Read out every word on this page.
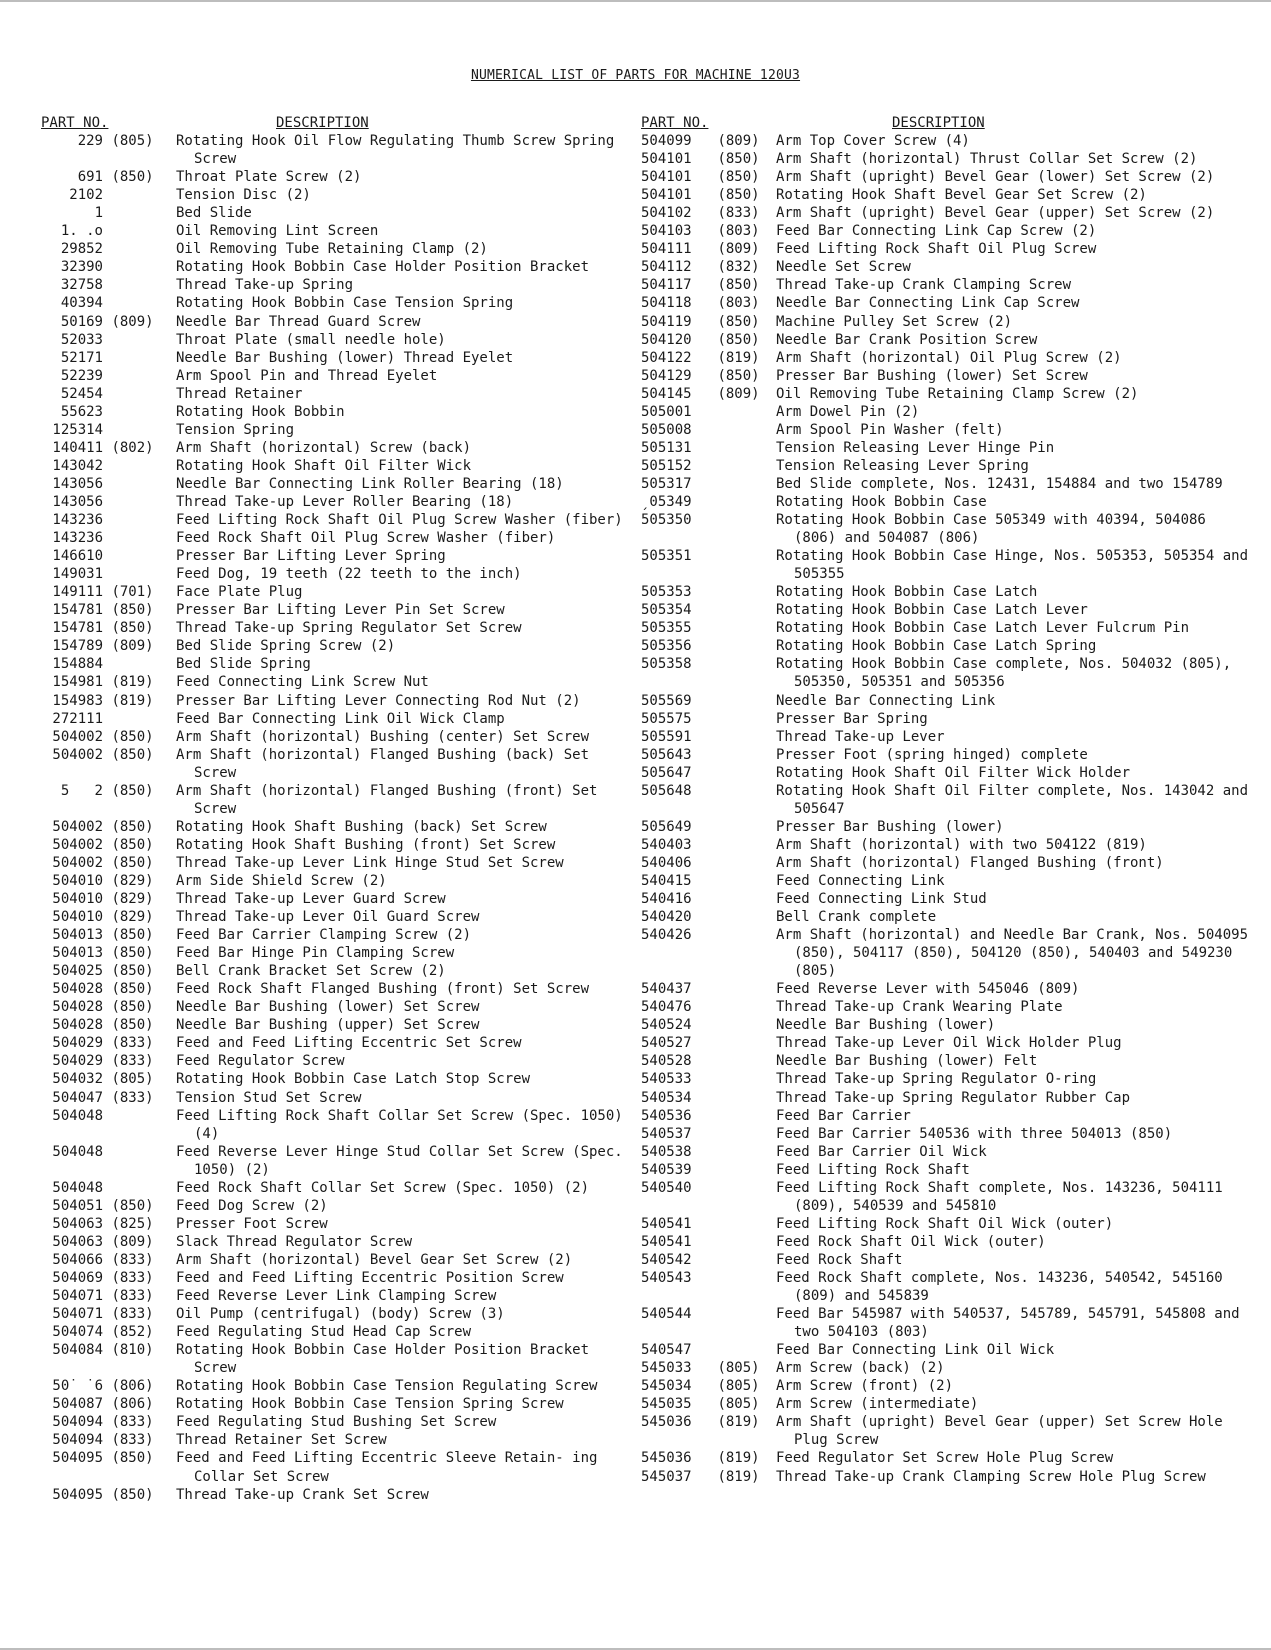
NUMERICAL LIST OF PARTS FOR MACHINE 120U3
PART NO.	DESCRIPTION
229 (805)	Rotating Hook Oil Flow Regulating Thumb Screw Spring Screw
691 (850)	Throat Plate Screw (2)
2102	Tension Disc (2)
1	Bed Slide
1. .o	Oil Removing Lint Screen
29852	Oil Removing Tube Retaining Clamp (2)
32390	Rotating Hook Bobbin Case Holder Position Bracket
32758	Thread Take-up Spring
40394	Rotating Hook Bobbin Case Tension Spring
50169 (809)	Needle Bar Thread Guard Screw
52033	Throat Plate (small needle hole)
52171	Needle Bar Bushing (lower) Thread Eyelet
52239	Arm Spool Pin and Thread Eyelet
52454	Thread Retainer
55623	Rotating Hook Bobbin
125314	Tension Spring
140411 (802)	Arm Shaft (horizontal) Screw (back)
143042	Rotating Hook Shaft Oil Filter Wick
143056	Needle Bar Connecting Link Roller Bearing (18)
143056	Thread Take-up Lever Roller Bearing (18)
143236	Feed Lifting Rock Shaft Oil Plug Screw Washer (fiber)
143236	Feed Rock Shaft Oil Plug Screw Washer (fiber)
146610	Presser Bar Lifting Lever Spring
149031	Feed Dog, 19 teeth (22 teeth to the inch)
149111 (701)	Face Plate Plug
154781 (850)	Presser Bar Lifting Lever Pin Set Screw
154781 (850)	Thread Take-up Spring Regulator Set Screw
154789 (809)	Bed Slide Spring Screw (2)
154884	Bed Slide Spring
154981 (819)	Feed Connecting Link Screw Nut
154983 (819)	Presser Bar Lifting Lever Connecting Rod Nut (2)
272111	Feed Bar Connecting Link Oil Wick Clamp
504002 (850)	Arm Shaft (horizontal) Bushing (center) Set Screw
504002 (850)	Arm Shaft (horizontal) Flanged Bushing (back) Set Screw
5   2 (850)	Arm Shaft (horizontal) Flanged Bushing (front) Set Screw
504002 (850)	Rotating Hook Shaft Bushing (back) Set Screw
504002 (850)	Rotating Hook Shaft Bushing (front) Set Screw
504002 (850)	Thread Take-up Lever Link Hinge Stud Set Screw
504010 (829)	Arm Side Shield Screw (2)
504010 (829)	Thread Take-up Lever Guard Screw
504010 (829)	Thread Take-up Lever Oil Guard Screw
504013 (850)	Feed Bar Carrier Clamping Screw (2)
504013 (850)	Feed Bar Hinge Pin Clamping Screw
504025 (850)	Bell Crank Bracket Set Screw (2)
504028 (850)	Feed Rock Shaft Flanged Bushing (front) Set Screw
504028 (850)	Needle Bar Bushing (lower) Set Screw
504028 (850)	Needle Bar Bushing (upper) Set Screw
504029 (833)	Feed and Feed Lifting Eccentric Set Screw
504029 (833)	Feed Regulator Screw
504032 (805)	Rotating Hook Bobbin Case Latch Stop Screw
504047 (833)	Tension Stud Set Screw
504048	Feed Lifting Rock Shaft Collar Set Screw (Spec. 1050) (4)
504048	Feed Reverse Lever Hinge Stud Collar Set Screw (Spec. 1050) (2)
504048	Feed Rock Shaft Collar Set Screw (Spec. 1050) (2)
504051 (850)	Feed Dog Screw (2)
504063 (825)	Presser Foot Screw
504063 (809)	Slack Thread Regulator Screw
504066 (833)	Arm Shaft (horizontal) Bevel Gear Set Screw (2)
504069 (833)	Feed and Feed Lifting Eccentric Position Screw
504071 (833)	Feed Reverse Lever Link Clamping Screw
504071 (833)	Oil Pump (centrifugal) (body) Screw (3)
504074 (852)	Feed Regulating Stud Head Cap Screw
504084 (810)	Rotating Hook Bobbin Case Holder Position Bracket Screw
50˙ ˙6 (806)	Rotating Hook Bobbin Case Tension Regulating Screw
504087 (806)	Rotating Hook Bobbin Case Tension Spring Screw
504094 (833)	Feed Regulating Stud Bushing Set Screw
504094 (833)	Thread Retainer Set Screw
504095 (850)	Feed and Feed Lifting Eccentric Sleeve Retain- ing Collar Set Screw
504095 (850)	Thread Take-up Crank Set Screw
PART NO.	DESCRIPTION
504099 (809)	Arm Top Cover Screw (4)
504101 (850)	Arm Shaft (horizontal) Thrust Collar Set Screw (2)
504101 (850)	Arm Shaft (upright) Bevel Gear (lower) Set Screw (2)
504101 (850)	Rotating Hook Shaft Bevel Gear Set Screw (2)
504102 (833)	Arm Shaft (upright) Bevel Gear (upper) Set Screw (2)
504103 (803)	Feed Bar Connecting Link Cap Screw (2)
504111 (809)	Feed Lifting Rock Shaft Oil Plug Screw
504112 (832)	Needle Set Screw
504117 (850)	Thread Take-up Crank Clamping Screw
504118 (803)	Needle Bar Connecting Link Cap Screw
504119 (850)	Machine Pulley Set Screw (2)
504120 (850)	Needle Bar Crank Position Screw
504122 (819)	Arm Shaft (horizontal) Oil Plug Screw (2)
504129 (850)	Presser Bar Bushing (lower) Set Screw
504145 (809)	Oil Removing Tube Retaining Clamp Screw (2)
505001	Arm Dowel Pin (2)
505008	Arm Spool Pin Washer (felt)
505131	Tension Releasing Lever Hinge Pin
505152	Tension Releasing Lever Spring
505317	Bed Slide complete, Nos. 12431, 154884 and two 154789
ˏ05349	Rotating Hook Bobbin Case
505350	Rotating Hook Bobbin Case 505349 with 40394, 504086 (806) and 504087 (806)
505351	Rotating Hook Bobbin Case Hinge, Nos. 505353, 505354 and 505355
505353	Rotating Hook Bobbin Case Latch
505354	Rotating Hook Bobbin Case Latch Lever
505355	Rotating Hook Bobbin Case Latch Lever Fulcrum Pin
505356	Rotating Hook Bobbin Case Latch Spring
505358	Rotating Hook Bobbin Case complete, Nos. 504032 (805), 505350, 505351 and 505356
505569	Needle Bar Connecting Link
505575	Presser Bar Spring
505591	Thread Take-up Lever
505643	Presser Foot (spring hinged) complete
505647	Rotating Hook Shaft Oil Filter Wick Holder
505648	Rotating Hook Shaft Oil Filter complete, Nos. 143042 and 505647
505649	Presser Bar Bushing (lower)
540403	Arm Shaft (horizontal) with two 504122 (819)
540406	Arm Shaft (horizontal) Flanged Bushing (front)
540415	Feed Connecting Link
540416	Feed Connecting Link Stud
540420	Bell Crank complete
540426	Arm Shaft (horizontal) and Needle Bar Crank, Nos. 504095 (850), 504117 (850), 504120 (850), 540403 and 549230 (805)
540437	Feed Reverse Lever with 545046 (809)
540476	Thread Take-up Crank Wearing Plate
540524	Needle Bar Bushing (lower)
540527	Thread Take-up Lever Oil Wick Holder Plug
540528	Needle Bar Bushing (lower) Felt
540533	Thread Take-up Spring Regulator O-ring
540534	Thread Take-up Spring Regulator Rubber Cap
540536	Feed Bar Carrier
540537	Feed Bar Carrier 540536 with three 504013 (850)
540538	Feed Bar Carrier Oil Wick
540539	Feed Lifting Rock Shaft
540540	Feed Lifting Rock Shaft complete, Nos. 143236, 504111 (809), 540539 and 545810
540541	Feed Lifting Rock Shaft Oil Wick (outer)
540541	Feed Rock Shaft Oil Wick (outer)
540542	Feed Rock Shaft
540543	Feed Rock Shaft complete, Nos. 143236, 540542, 545160 (809) and 545839
540544	Feed Bar 545987 with 540537, 545789, 545791, 545808 and two 504103 (803)
540547	Feed Bar Connecting Link Oil Wick
545033 (805)	Arm Screw (back) (2)
545034 (805)	Arm Screw (front) (2)
545035 (805)	Arm Screw (intermediate)
545036 (819)	Arm Shaft (upright) Bevel Gear (upper) Set Screw Hole Plug Screw
545036 (819)	Feed Regulator Set Screw Hole Plug Screw
545037 (819)	Thread Take-up Crank Clamping Screw Hole Plug Screw
